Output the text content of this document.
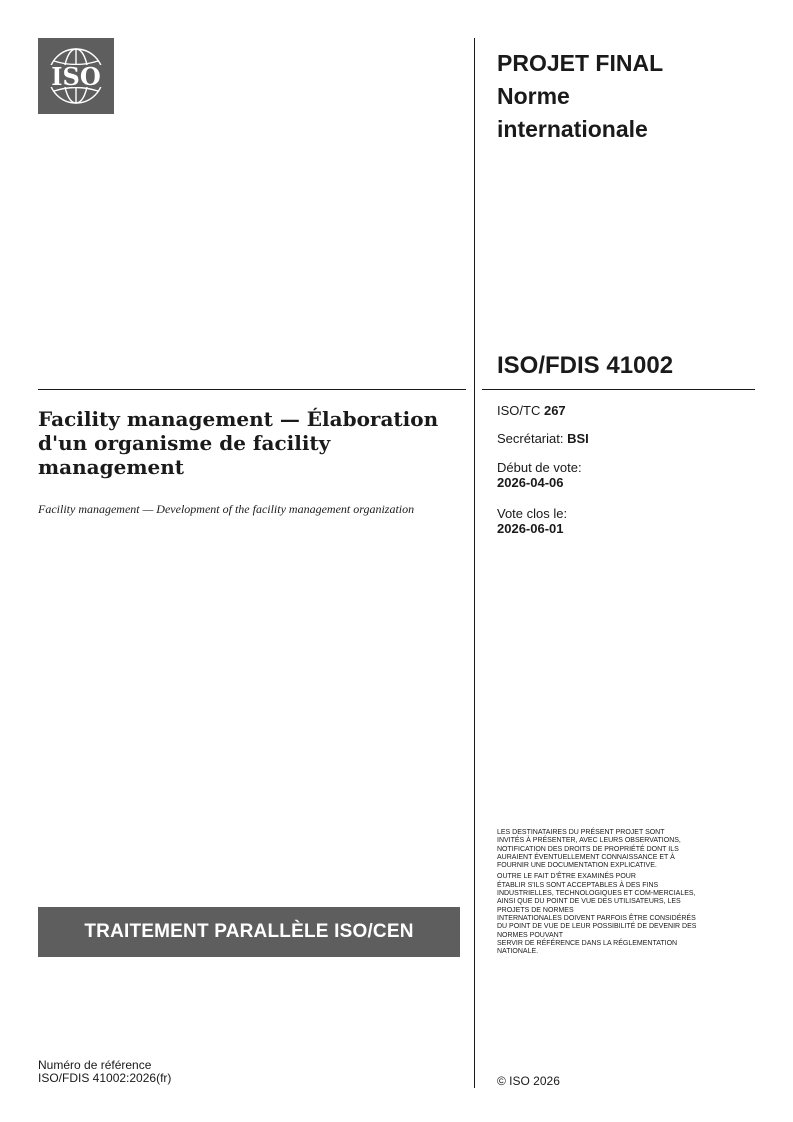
ISO	PROJET FINAL
Norme
internationale
ISO/FDIS 41002
ISO/TC 267
Secrétariat: BSI
Début de vote:
2026-04-06
Vote clos le:
2026-06-01
Facility management — Élaboration d'un organisme de facility management
Facility management — Development of the facility management organization
TRAITEMENT PARALLÈLE ISO/CEN

LES DESTINATAIRES DU PRÉSENT PROJET SONT
INVITÉS À PRÉSENTER, AVEC LEURS OBSERVATIONS,
NOTIFICATION DES DROITS DE PROPRIÉTÉ DONT ILS
AURAIENT ÉVENTUELLEMENT CONNAISSANCE ET À
FOURNIR UNE DOCUMENTATION EXPLICATIVE.

OUTRE LE FAIT D'ÊTRE EXAMINÉS POUR
ÉTABLIR S'ILS SONT ACCEPTABLES À DES FINS
INDUSTRIELLES, TECHNOLOGIQUES ET COM-MERCIALES,
AINSI QUE DU POINT DE VUE DES UTILISATEURS, LES
PROJETS DE NORMES
INTERNATIONALES DOIVENT PARFOIS ÊTRE CONSIDÉRÉS
DU POINT DE VUE DE LEUR POSSIBILITÉ DE DEVENIR DES
NORMES POUVANT
SERVIR DE RÉFÉRENCE DANS LA RÉGLEMENTATION
NATIONALE.

Numéro de référence
ISO/FDIS 41002:2026(fr)	© ISO 2026
